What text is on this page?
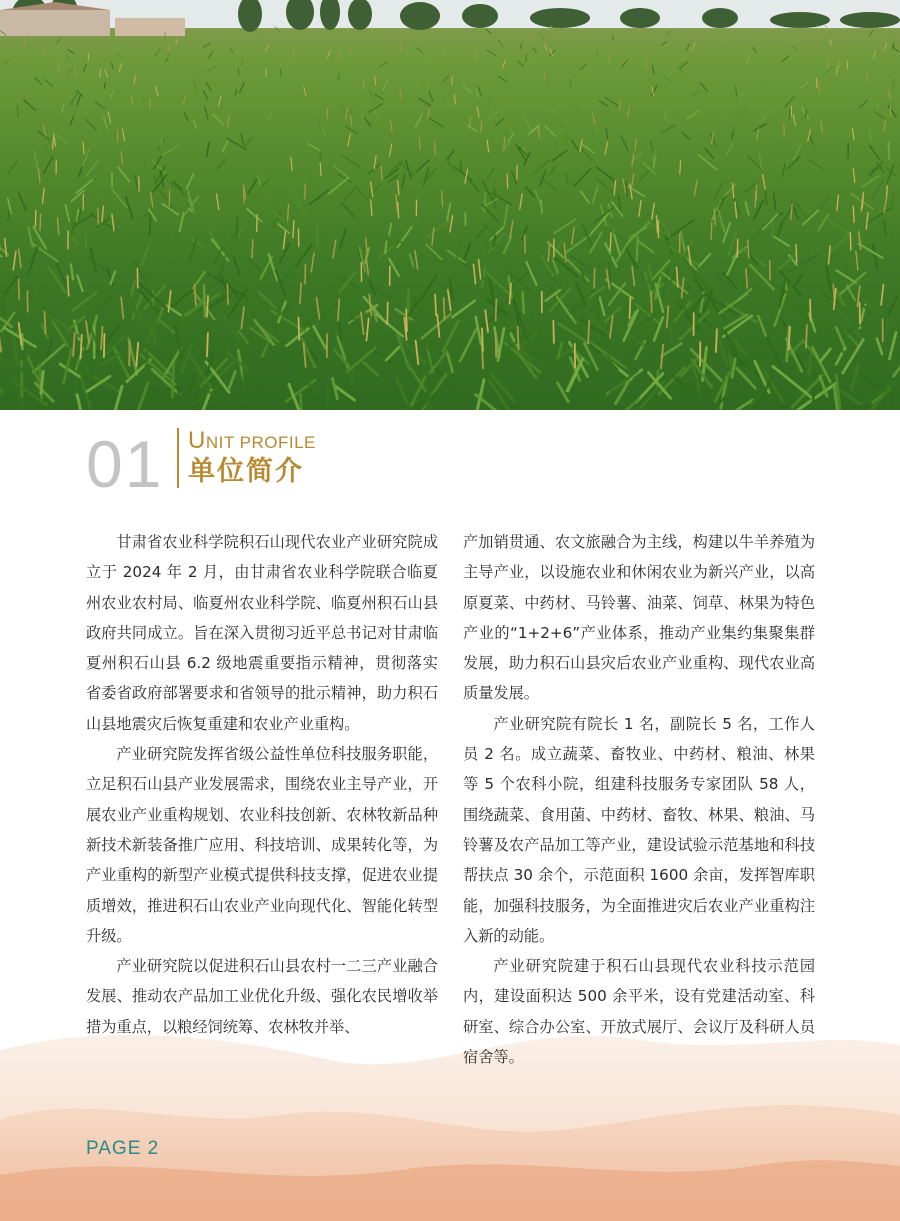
01 UNIT PROFILE
单位简介

甘肃省农业科学院积石山现代农业产业研究院成立于 2024 年 2 月，由甘肃省农业科学院联合临夏州农业农村局、临夏州农业科学院、临夏州积石山县政府共同成立。旨在深入贯彻习近平总书记对甘肃临夏州积石山县 6.2 级地震重要指示精神，贯彻落实省委省政府部署要求和省领导的批示精神，助力积石山县地震灾后恢复重建和农业产业重构。

产业研究院发挥省级公益性单位科技服务职能，立足积石山县产业发展需求，围绕农业主导产业，开展农业产业重构规划、农业科技创新、农林牧新品种新技术新装备推广应用、科技培训、成果转化等，为产业重构的新型产业模式提供科技支撑，促进农业提质增效，推进积石山农业产业向现代化、智能化转型升级。

产业研究院以促进积石山县农村一二三产业融合发展、推动农产品加工业优化升级、强化农民增收举措为重点，以粮经饲统筹、农林牧并举、

产加销贯通、农文旅融合为主线，构建以牛羊养殖为主导产业，以设施农业和休闲农业为新兴产业，以高原夏菜、中药材、马铃薯、油菜、饲草、林果为特色产业的“1+2+6”产业体系，推动产业集约集聚集群发展，助力积石山县灾后农业产业重构、现代农业高质量发展。

产业研究院有院长 1 名，副院长 5 名，工作人员 2 名。成立蔬菜、畜牧业、中药材、粮油、林果等 5 个农科小院，组建科技服务专家团队 58 人，围绕蔬菜、食用菌、中药材、畜牧、林果、粮油、马铃薯及农产品加工等产业，建设试验示范基地和科技帮扶点 30 余个，示范面积 1600 余亩，发挥智库职能，加强科技服务，为全面推进灾后农业产业重构注入新的动能。

产业研究院建于积石山县现代农业科技示范园内，建设面积达 500 余平米，设有党建活动室、科研室、综合办公室、开放式展厅、会议厅及科研人员宿舍等。

PAGE 2
